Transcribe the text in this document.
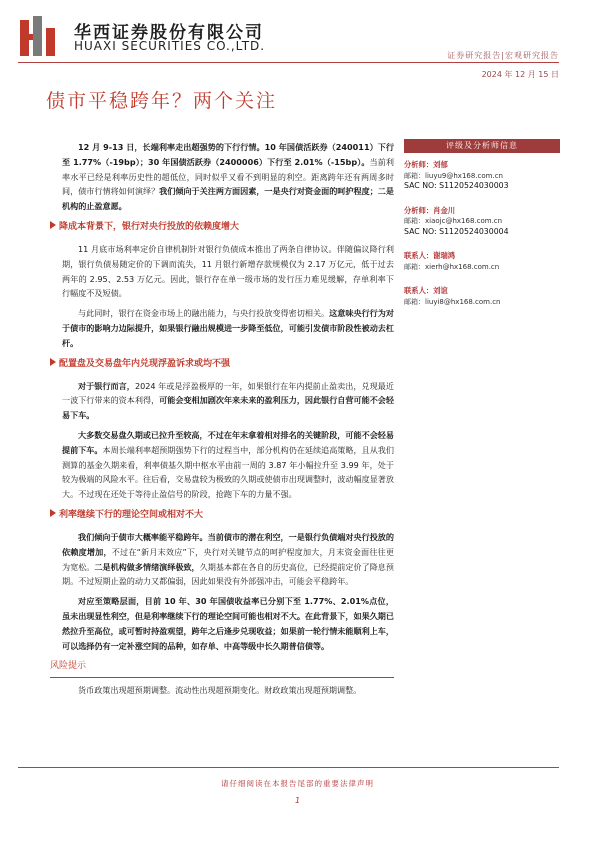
华西证券股份有限公司
HUAXI SECURITIES CO.,LTD.
证券研究报告|宏观研究报告
2024 年 12 月 15 日
债市平稳跨年？两个关注

12 月 9-13 日，长端利率走出超强势的下行行情。10 年国债活跃券（240011）下行至 1.77%（-19bp）；30 年国债活跃券（2400006）下行至 2.01%（-15bp）。当前利率水平已经是利率历史性的超低位，同时似乎又看不到明显的利空。距离跨年还有两周多时间，债市行情将如何演绎？我们倾向于关注两方面因素，一是央行对资金面的呵护程度；二是机构的止盈意愿。

降成本背景下，银行对央行投放的依赖度增大

11 月底市场利率定价自律机制针对银行负债成本推出了两条自律协议。伴随偏议降行利期，银行负债易随定价的下调而流失，11 月银行新增存款规模仅为 2.17 万亿元，低于过去两年的 2.95、2.53 万亿元。因此，银行存在单一级市场的发行压力难见缓解，存单利率下行幅度不及短债。

与此同时，银行在资金市场上的融出能力，与央行投放变得密切相关。这意味央行行为对于债市的影响力边际提升，如果银行融出规模进一步降至低位，可能引发债市阶段性被动去杠杆。

配置盘及交易盘年内兑现浮盈诉求或均不强

对于银行而言，2024 年或是浮盈极厚的一年，如果银行在年内提前止盈卖出，兑现最近一波下行带来的资本利得，可能会变相加剧次年来未来的盈利压力，因此银行自营可能不会轻易下车。

大多数交易盘久期或已拉升至较高，不过在年末拿着相对排名的关键阶段，可能不会轻易提前下车。本周长端利率超预期强势下行的过程当中，部分机构仍在延续追高策略，且从我们测算的基金久期来看，利率债基久期中枢水平由前一周的 3.87 年小幅拉升至 3.99 年，处于较为极端的风险水平。往后看，交易盘较为极致的久期或使债市出现调整时，波动幅度显著放大。不过现在还处于等待止盈信号的阶段，抢跑下车的力量不强。

利率继续下行的理论空间或相对不大

我们倾向于债市大概率能平稳跨年。当前债市的潜在利空，一是银行负债端对央行投放的依赖度增加，不过在“新月末效应”下，央行对关键节点的呵护程度加大，月末资金面往往更为宽松。二是机构做多情绪演绎极致，久期基本都在各自的历史高位，已经提前定价了降息预期。不过短期止盈的动力又都偏弱，因此如果没有外部强冲击，可能会平稳跨年。

对应至策略层面，目前 10 年、30 年国债收益率已分别下至 1.77%、2.01%点位，虽未出现显性利空，但是利率继续下行的理论空间可能也相对不大。在此背景下，如果久期已然拉升至高位，或可暂时持盈观望，跨年之后逢步兑现收益；如果前一轮行情未能顺利上车，可以选择仍有一定补涨空间的品种，如存单、中高等级中长久期普信债等。

风险提示

货币政策出现超预期调整。流动性出现超预期变化。财政政策出现超预期调整。

评级及分析师信息
分析师：刘郁
邮箱：liuyu9@hx168.com.cn
SAC NO: S1120524030003
分析师：肖金川
邮箱：xiaojc@hx168.com.cn
SAC NO: S1120524030004
联系人：谢瑞鸿
邮箱：xierh@hx168.com.cn
联系人：刘谊
邮箱：liuyi8@hx168.com.cn
请仔细阅读在本报告尾部的重要法律声明
1
